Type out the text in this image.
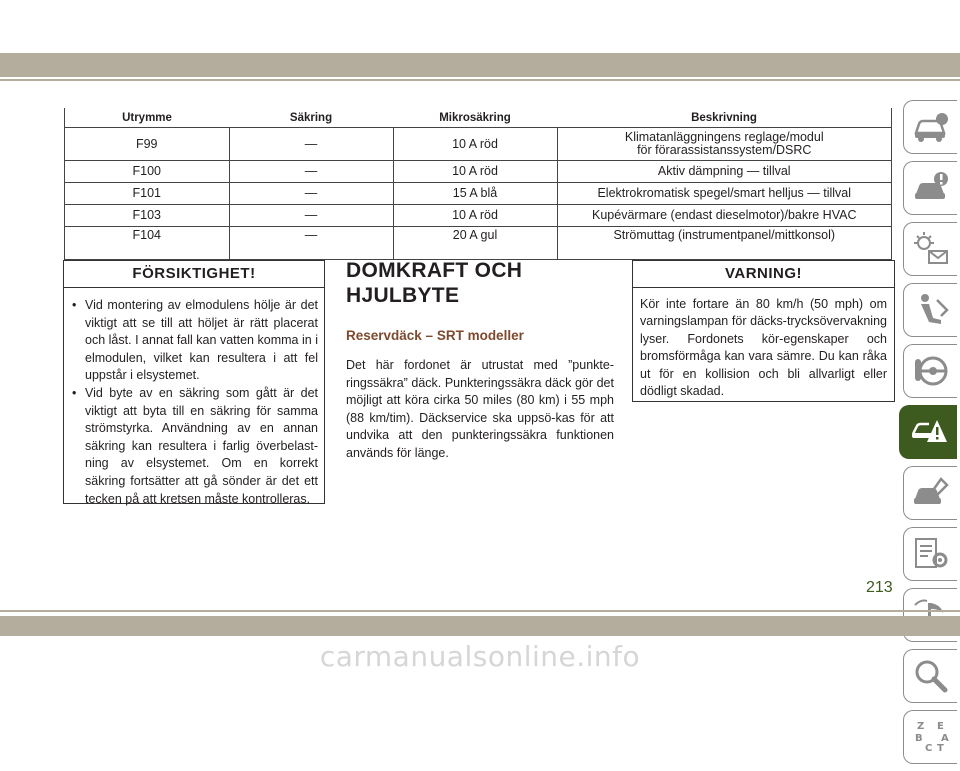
Utrymme	Säkring	Mikrosäkring	Beskrivning
F99	—	10 A röd	Klimatanläggningens reglage/modul för förarassistanssystem/DSRC
F100	—	10 A röd	Aktiv dämpning — tillval
F101	—	15 A blå	Elektrokromatisk spegel/smart helljus — tillval
F103	—	10 A röd	Kupévärmare (endast dieselmotor)/bakre HVAC
F104	—	20 A gul	Strömuttag (instrumentpanel/mittkonsol)
FÖRSIKTIGHET!
• Vid montering av elmodulens hölje är det viktigt att se till att höljet är rätt placerat och låst. I annat fall kan vatten komma in i elmodulen, vilket kan resultera i att fel uppstår i elsystemet.
• Vid byte av en säkring som gått är det viktigt att byta till en säkring för samma strömstyrka. Användning av en annan säkring kan resultera i farlig överbelast-ning av elsystemet. Om en korrekt säkring fortsätter att gå sönder är det ett tecken på att kretsen måste kontrolleras.
DOMKRAFT OCH HJULBYTE
Reservdäck – SRT modeller

Det här fordonet är utrustat med ”punkte-ringssäkra” däck. Punkteringssäkra däck gör det möjligt att köra cirka 50 miles (80 km) i 55 mph (88 km/tim). Däckservice ska uppsö-kas för att undvika att den punkteringssäkra funktionen används för länge.

VARNING!

Kör inte fortare än 80 km/h (50 mph) om varningslampan för däcks-trycksövervakning lyser. Fordonets kör-egenskaper och bromsförmåga kan vara sämre. Du kan råka ut för en kollision och bli allvarligt eller dödligt skadad.

Z E
B
C T
A
213
carmanualsonline.info
